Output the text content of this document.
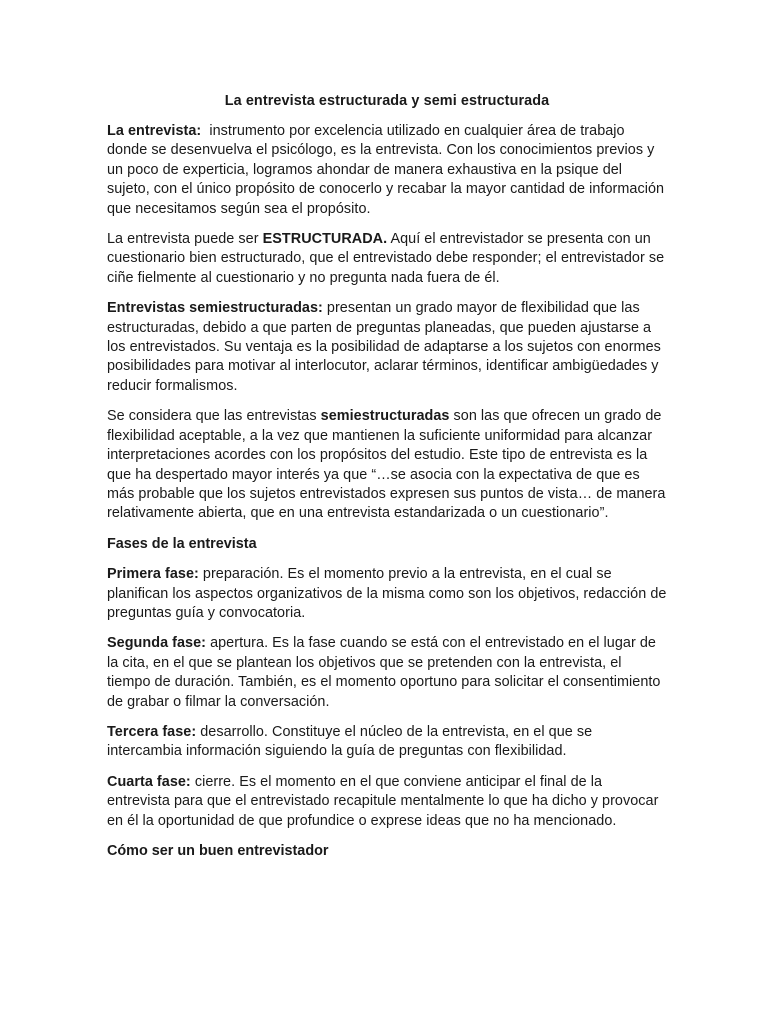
La entrevista estructurada y semi estructurada

La entrevista:  instrumento por excelencia utilizado en cualquier área de trabajo donde se desenvuelva el psicólogo, es la entrevista. Con los conocimientos previos y un poco de experticia, logramos ahondar de manera exhaustiva en la psique del sujeto, con el único propósito de conocerlo y recabar la mayor cantidad de información que necesitamos según sea el propósito.

La entrevista puede ser ESTRUCTURADA. Aquí el entrevistador se presenta con un cuestionario bien estructurado, que el entrevistado debe responder; el entrevistador se ciñe fielmente al cuestionario y no pregunta nada fuera de él.

Entrevistas semiestructuradas: presentan un grado mayor de flexibilidad que las estructuradas, debido a que parten de preguntas planeadas, que pueden ajustarse a los entrevistados. Su ventaja es la posibilidad de adaptarse a los sujetos con enormes posibilidades para motivar al interlocutor, aclarar términos, identificar ambigüedades y reducir formalismos.

Se considera que las entrevistas semiestructuradas son las que ofrecen un grado de flexibilidad aceptable, a la vez que mantienen la suficiente uniformidad para alcanzar interpretaciones acordes con los propósitos del estudio. Este tipo de entrevista es la que ha despertado mayor interés ya que “…se asocia con la expectativa de que es más probable que los sujetos entrevistados expresen sus puntos de vista… de manera relativamente abierta, que en una entrevista estandarizada o un cuestionario”.

Fases de la entrevista

Primera fase: preparación. Es el momento previo a la entrevista, en el cual se planifican los aspectos organizativos de la misma como son los objetivos, redacción de preguntas guía y convocatoria.

Segunda fase: apertura. Es la fase cuando se está con el entrevistado en el lugar de la cita, en el que se plantean los objetivos que se pretenden con la entrevista, el tiempo de duración. También, es el momento oportuno para solicitar el consentimiento de grabar o filmar la conversación.

Tercera fase: desarrollo. Constituye el núcleo de la entrevista, en el que se intercambia información siguiendo la guía de preguntas con flexibilidad.

Cuarta fase: cierre. Es el momento en el que conviene anticipar el final de la entrevista para que el entrevistado recapitule mentalmente lo que ha dicho y provocar en él la oportunidad de que profundice o exprese ideas que no ha mencionado.

Cómo ser un buen entrevistador
